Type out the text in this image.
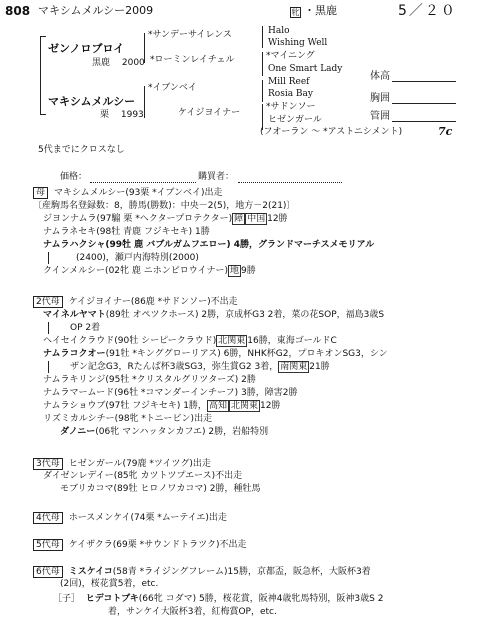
808 マキシムメルシー2009	牝 ・黒鹿	5／２０
ゼンノロブロイ
黒鹿　 2000
マキシムメルシー
栗　 1993
*サンデーサイレンス
*ローミンレイチェル
*イブンベイ
ケイジヨイナー
Halo
Wishing Well
*マイニング
One Smart Lady
Mill Reef
Rosia Bay
*サドンソー
ヒゼンガール
(フオーラン ～ *アストニシメント)	7c
体高
胸囲
管囲
5代までにクロスなし
価格：	購買者：
母 マキシムメルシー(93栗 *イブンベイ)出走
〔産駒馬名登録数：8，勝馬(勝数)：中央－2(5)，地方－2(21)〕
ジヨンナムラ(97騸 栗 *ヘクタープロテクター) 障 中国 12勝
ナムラネセキ(98牡 青鹿 フジキセキ) 1勝
ナムラハクシャ(99牡 鹿 バブルガムフエロー) 4勝，グランドマーチスメモリアル
(2400)，瀬戸内海特別(2000)
クインメルシー(02牝 鹿 ニホンピロウイナー) 地 9勝
2代母 ケイジヨイナー(86鹿 *サドンソー)不出走
マイネルヤマト(89牡 オペツクホース) 2勝，京成杯G3 2着，菜の花SOP，福島3歳S
OP 2着
ヘイセイクラウド(90牡 シーピークラウド) 北関東 16勝，東海ゴールドC
ナムラコクオー(91牡 *キンググローリアス) 6勝，NHK杯G2，プロキオンSG3，シン
ザン記念G3，Rたんぱ杯3歳SG3，弥生賞G2 3着， 南関東 21勝
ナムラキリンジ(95牡 *クリスタルグリツターズ) 2勝
ナムラマームード(96牡 *コマンダーインチーフ) 3勝，障害2勝
ナムラショウブ(97牡 フジキセキ) 1勝， 高知 北関東 12勝
リズミカルシチー(98牝 *トニービン)出走
ダノニー(06牝 マンハッタンカフエ) 2勝，岩船特別
3代母 ヒゼンガール(79鹿 *ツイツグ)出走
ダイゼンレデイー(85牝 カツトツプエース)不出走
モブリカコマ(89牡 ヒロノワカコマ) 2勝，種牡馬
4代母 ホースメンケイ(74栗 *ムーテイエ)出走
5代母 ケイザクラ(69栗 *サウンドトラツク)不出走
6代母 ミスケイコ(58青 *ライジングフレーム)15勝，京都盃，阪急杯，大阪杯3着
(2回)，桜花賞5着，etc.
［子］ ヒデコトブキ(66牝 コダマ) 5勝，桜花賞，阪神4歳牝馬特別，阪神3歳S 2
着，サンケイ大阪杯3着，紅梅賞OP，etc.
